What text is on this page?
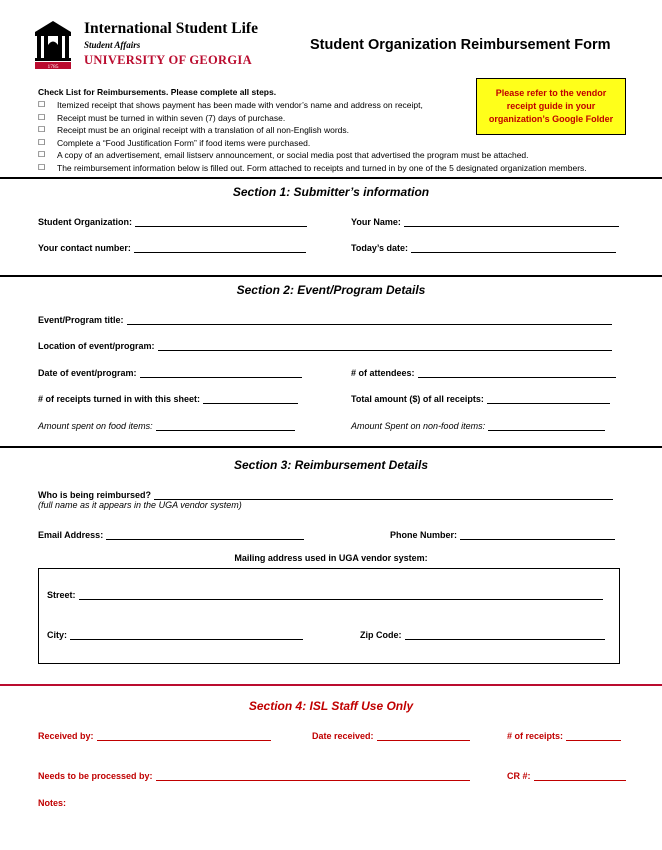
1785
International Student Life
Student Affairs
UNIVERSITY OF GEORGIA
Student Organization Reimbursement Form
Please refer to the vendor receipt guide in your organization’s Google Folder
Check List for Reimbursements. Please complete all steps.
☐	Itemized receipt that shows payment has been made with vendor’s name and address on receipt,
☐	Receipt must be turned in within seven (7) days of purchase.
☐	Receipt must be an original receipt with a translation of all non-English words.
☐	Complete a “Food Justification Form” if food items were purchased.
☐	A copy of an advertisement, email listserv announcement, or social media post that advertised the program must be attached.
☐	The reimbursement information below is filled out. Form attached to receipts and turned in by one of the 5 designated organization members.
Section 1: Submitter’s information
Student Organization:	Your Name:
Your contact number:	Today’s date:
Section 2: Event/Program Details
Event/Program title:
Location of event/program:
Date of event/program:	# of attendees:
# of receipts turned in with this sheet:	Total amount ($) of all receipts:
Amount spent on food items:	Amount Spent on non-food items:
Section 3: Reimbursement Details
Who is being reimbursed?
(full name as it appears in the UGA vendor system)
Email Address:	Phone Number:
Mailing address used in UGA vendor system:
Street:
City:	Zip Code:
Section 4: ISL Staff Use Only
Received by:	Date received:	# of receipts:
Needs to be processed by:	CR #:
Notes:
